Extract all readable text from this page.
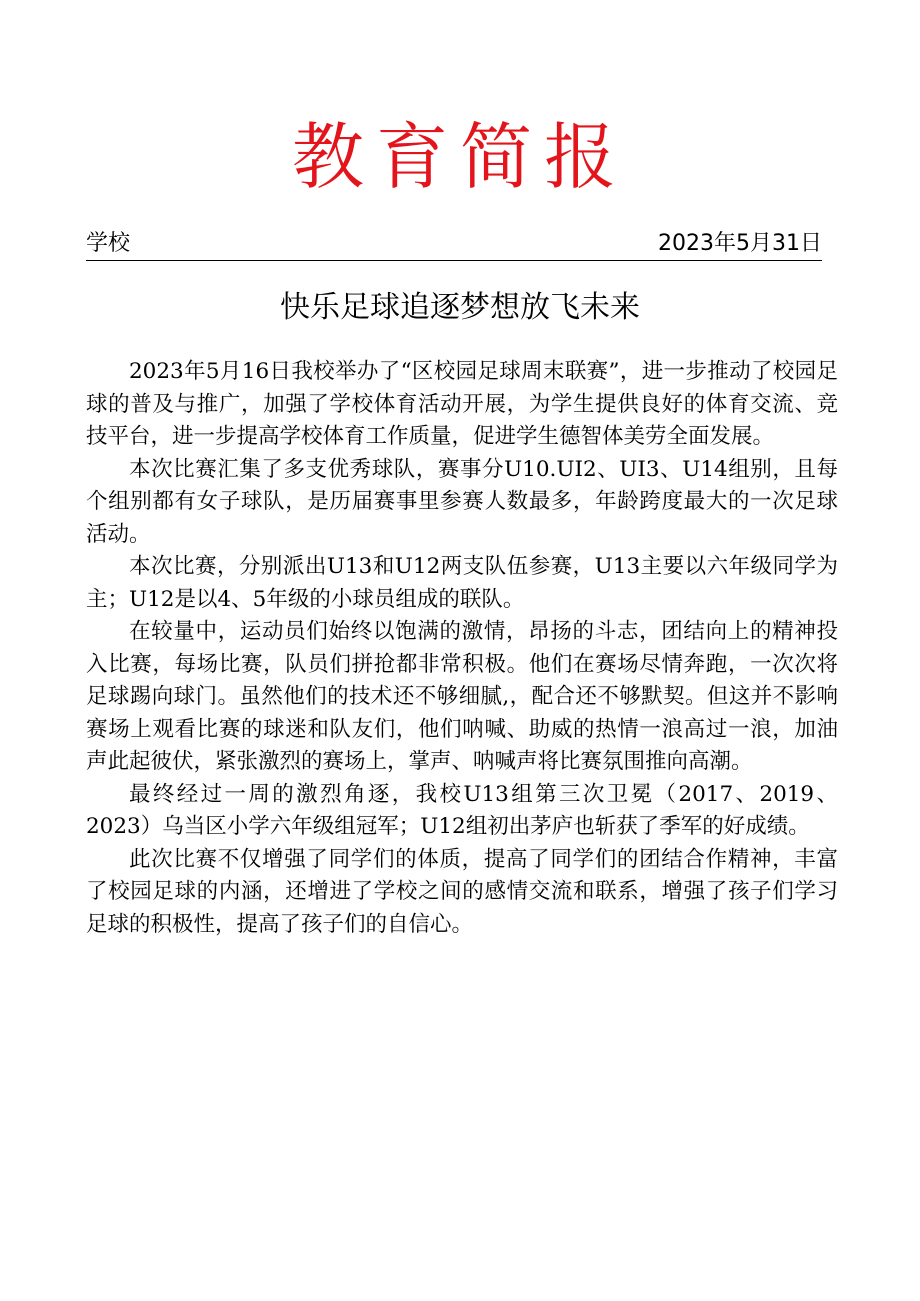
教育简报
学校	2023年5月31日
快乐足球追逐梦想放飞未来

2023年5月16日我校举办了“区校园足球周末联赛”，进一步推动了校园足球的普及与推广，加强了学校体育活动开展，为学生提供良好的体育交流、竞技平台，进一步提高学校体育工作质量，促进学生德智体美劳全面发展。

本次比赛汇集了多支优秀球队，赛事分U10.UI2、UI3、U14组别，且每个组别都有女子球队，是历届赛事里参赛人数最多，年龄跨度最大的一次足球活动。

本次比赛，分别派出U13和U12两支队伍参赛，U13主要以六年级同学为主；U12是以4、5年级的小球员组成的联队。

在较量中，运动员们始终以饱满的激情，昂扬的斗志，团结向上的精神投入比赛，每场比赛，队员们拼抢都非常积极。他们在赛场尽情奔跑，一次次将足球踢向球门。虽然他们的技术还不够细腻,，配合还不够默契。但这并不影响赛场上观看比赛的球迷和队友们，他们呐喊、助威的热情一浪高过一浪，加油声此起彼伏，紧张激烈的赛场上，掌声、呐喊声将比赛氛围推向高潮。

最终经过一周的激烈角逐，我校U13组第三次卫冕（2017、2019、2023）乌当区小学六年级组冠军；U12组初出茅庐也斩获了季军的好成绩。

此次比赛不仅增强了同学们的体质，提高了同学们的团结合作精神，丰富了校园足球的内涵，还增进了学校之间的感情交流和联系，增强了孩子们学习足球的积极性，提高了孩子们的自信心。
